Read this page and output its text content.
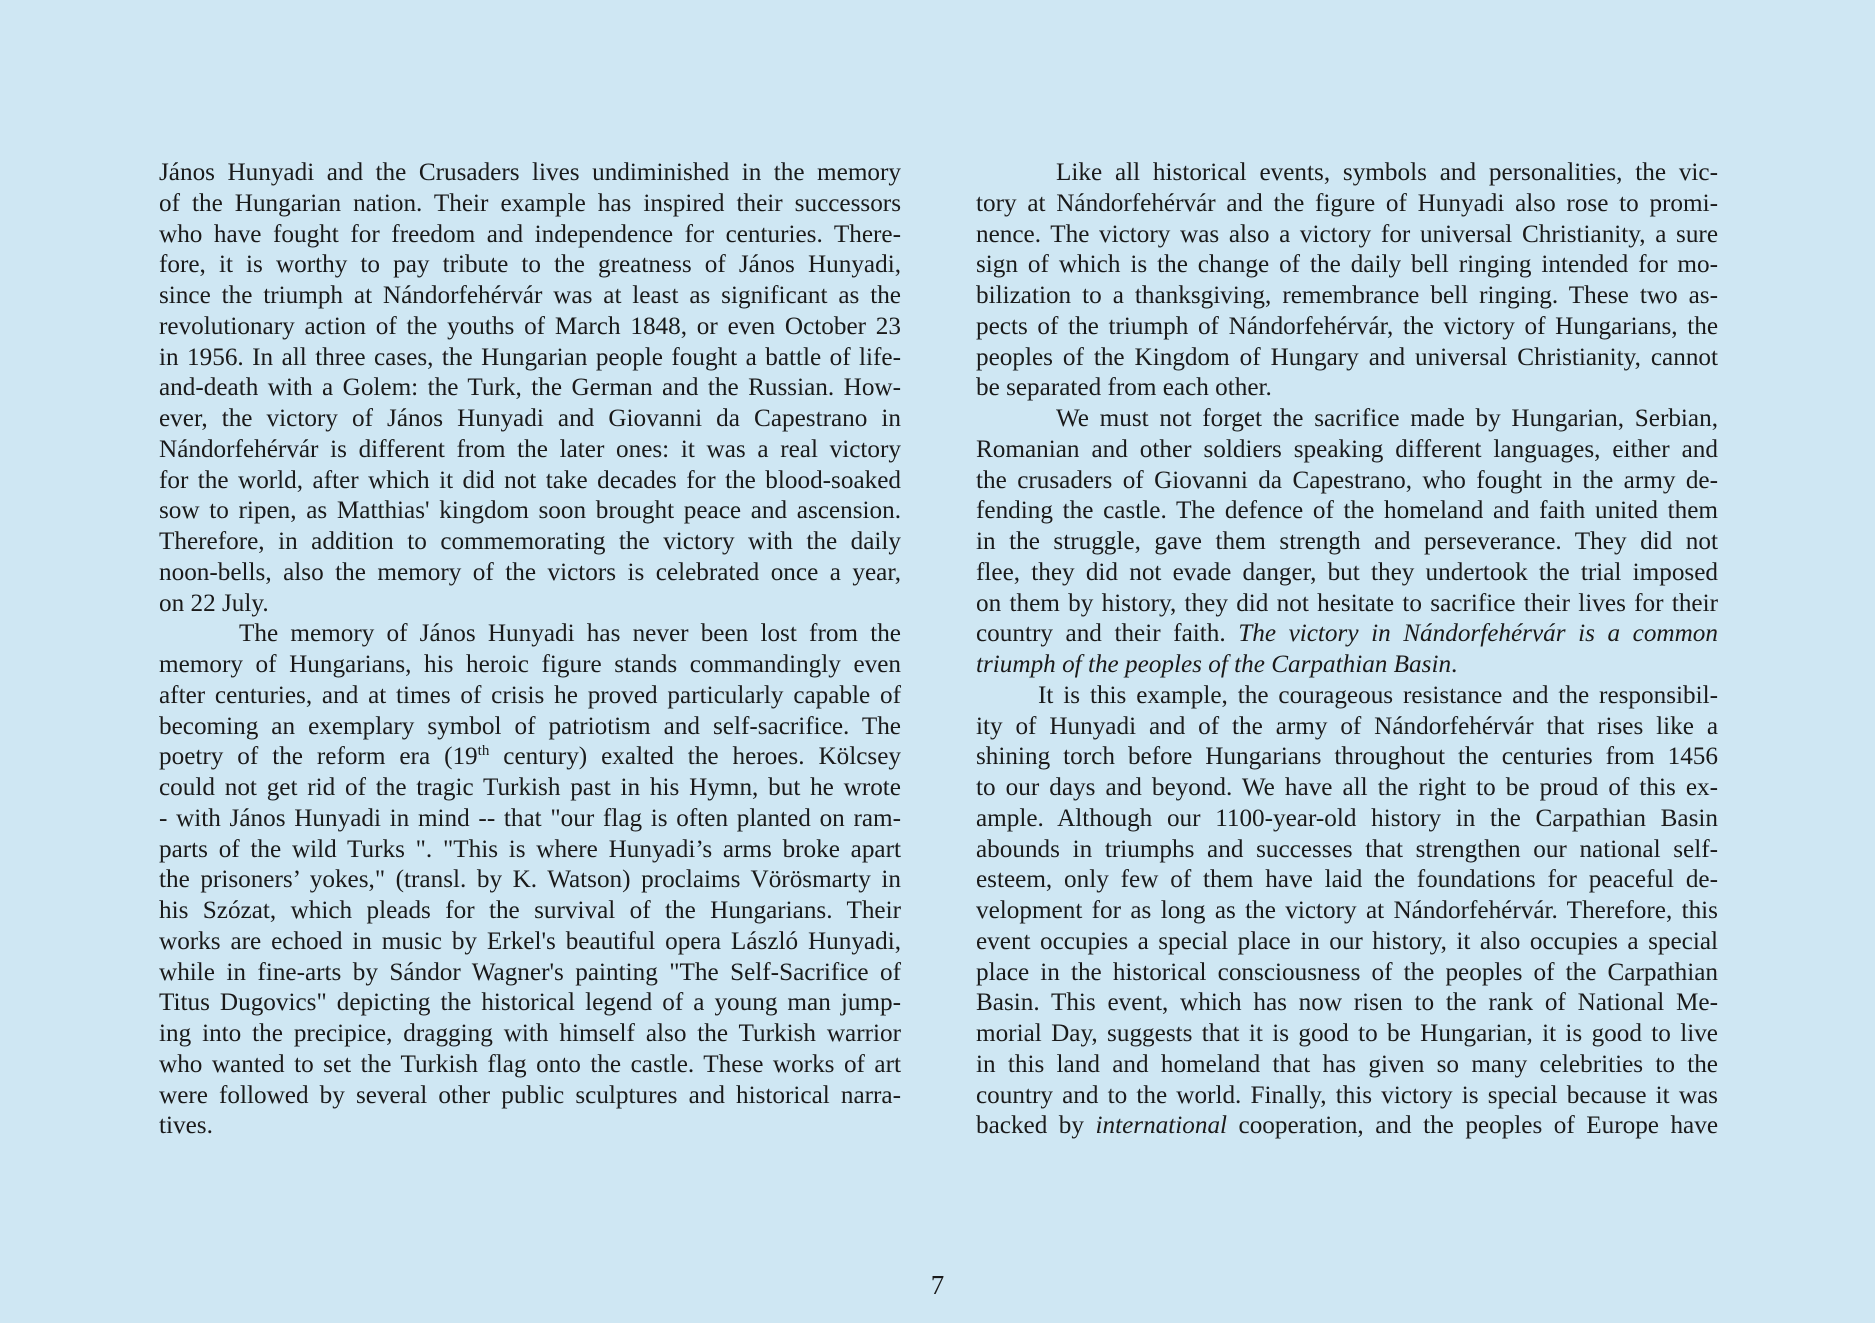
János Hunyadi and the Crusaders lives undiminished in the memory
of the Hungarian nation. Their example has inspired their successors
who have fought for freedom and independence for centuries. There-
fore, it is worthy to pay tribute to the greatness of János Hunyadi,
since the triumph at Nándorfehérvár was at least as significant as the
revolutionary action of the youths of March 1848, or even October 23
in 1956. In all three cases, the Hungarian people fought a battle of life-
and-death with a Golem: the Turk, the German and the Russian. How-
ever, the victory of János Hunyadi and Giovanni da Capestrano in
Nándorfehérvár is different from the later ones: it was a real victory
for the world, after which it did not take decades for the blood-soaked
sow to ripen, as Matthias' kingdom soon brought peace and ascension.
Therefore, in addition to commemorating the victory with the daily
noon-bells, also the memory of the victors is celebrated once a year,
on 22 July.
The memory of János Hunyadi has never been lost from the
memory of Hungarians, his heroic figure stands commandingly even
after centuries, and at times of crisis he proved particularly capable of
becoming an exemplary symbol of patriotism and self-sacrifice. The
poetry of the reform era (19th century) exalted the heroes. Kölcsey
could not get rid of the tragic Turkish past in his Hymn, but he wrote
- with János Hunyadi in mind -- that "our flag is often planted on ram-
parts of the wild Turks ". "This is where Hunyadi’s arms broke apart
the prisoners’ yokes," (transl. by K. Watson) proclaims Vörösmarty in
his Szózat, which pleads for the survival of the Hungarians. Their
works are echoed in music by Erkel's beautiful opera László Hunyadi,
while in fine-arts by Sándor Wagner's painting "The Self-Sacrifice of
Titus Dugovics" depicting the historical legend of a young man jump-
ing into the precipice, dragging with himself also the Turkish warrior
who wanted to set the Turkish flag onto the castle. These works of art
were followed by several other public sculptures and historical narra-
tives.
Like all historical events, symbols and personalities, the vic-
tory at Nándorfehérvár and the figure of Hunyadi also rose to promi-
nence. The victory was also a victory for universal Christianity, a sure
sign of which is the change of the daily bell ringing intended for mo-
bilization to a thanksgiving, remembrance bell ringing. These two as-
pects of the triumph of Nándorfehérvár, the victory of Hungarians, the
peoples of the Kingdom of Hungary and universal Christianity, cannot
be separated from each other.
We must not forget the sacrifice made by Hungarian, Serbian,
Romanian and other soldiers speaking different languages, either and
the crusaders of Giovanni da Capestrano, who fought in the army de-
fending the castle. The defence of the homeland and faith united them
in the struggle, gave them strength and perseverance. They did not
flee, they did not evade danger, but they undertook the trial imposed
on them by history, they did not hesitate to sacrifice their lives for their
country and their faith. The victory in Nándorfehérvár is a common
triumph of the peoples of the Carpathian Basin.
It is this example, the courageous resistance and the responsibil-
ity of Hunyadi and of the army of Nándorfehérvár that rises like a
shining torch before Hungarians throughout the centuries from 1456
to our days and beyond. We have all the right to be proud of this ex-
ample. Although our 1100-year-old history in the Carpathian Basin
abounds in triumphs and successes that strengthen our national self-
esteem, only few of them have laid the foundations for peaceful de-
velopment for as long as the victory at Nándorfehérvár. Therefore, this
event occupies a special place in our history, it also occupies a special
place in the historical consciousness of the peoples of the Carpathian
Basin. This event, which has now risen to the rank of National Me-
morial Day, suggests that it is good to be Hungarian, it is good to live
in this land and homeland that has given so many celebrities to the
country and to the world. Finally, this victory is special because it was
backed by international cooperation, and the peoples of Europe have
7
